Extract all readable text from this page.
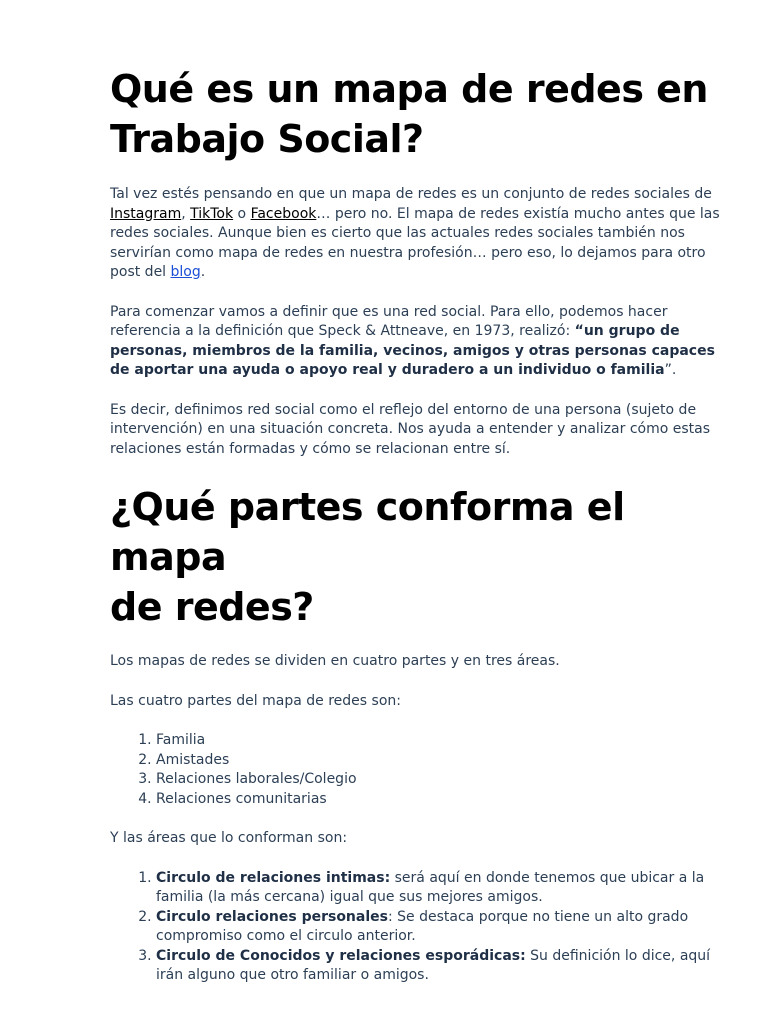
Qué es un mapa de redes en
Trabajo Social?

Tal vez estés pensando en que un mapa de redes es un conjunto de redes sociales de Instagram, TikTok o Facebook… pero no. El mapa de redes existía mucho antes que las redes sociales. Aunque bien es cierto que las actuales redes sociales también nos servirían como mapa de redes en nuestra profesión… pero eso, lo dejamos para otro post del blog.

Para comenzar vamos a definir que es una red social. Para ello, podemos hacer referencia a la definición que Speck & Attneave, en 1973, realizó: “un grupo de personas, miembros de la familia, vecinos, amigos y otras personas capaces de aportar una ayuda o apoyo real y duradero a un individuo o familia”.

Es decir, definimos red social como el reflejo del entorno de una persona (sujeto de intervención) en una situación concreta. Nos ayuda a entender y analizar cómo estas relaciones están formadas y cómo se relacionan entre sí.

¿Qué partes conforma el mapa
de redes?

Los mapas de redes se dividen en cuatro partes y en tres áreas.

Las cuatro partes del mapa de redes son:

1. Familia
2. Amistades
3. Relaciones laborales/Colegio
4. Relaciones comunitarias

Y las áreas que lo conforman son:

1. Circulo de relaciones intimas: será aquí en donde tenemos que ubicar a la familia (la más cercana) igual que sus mejores amigos.
2. Circulo relaciones personales: Se destaca porque no tiene un alto grado compromiso como el circulo anterior.
3. Circulo de Conocidos y relaciones esporádicas: Su definición lo dice, aquí irán alguno que otro familiar o amigos.
